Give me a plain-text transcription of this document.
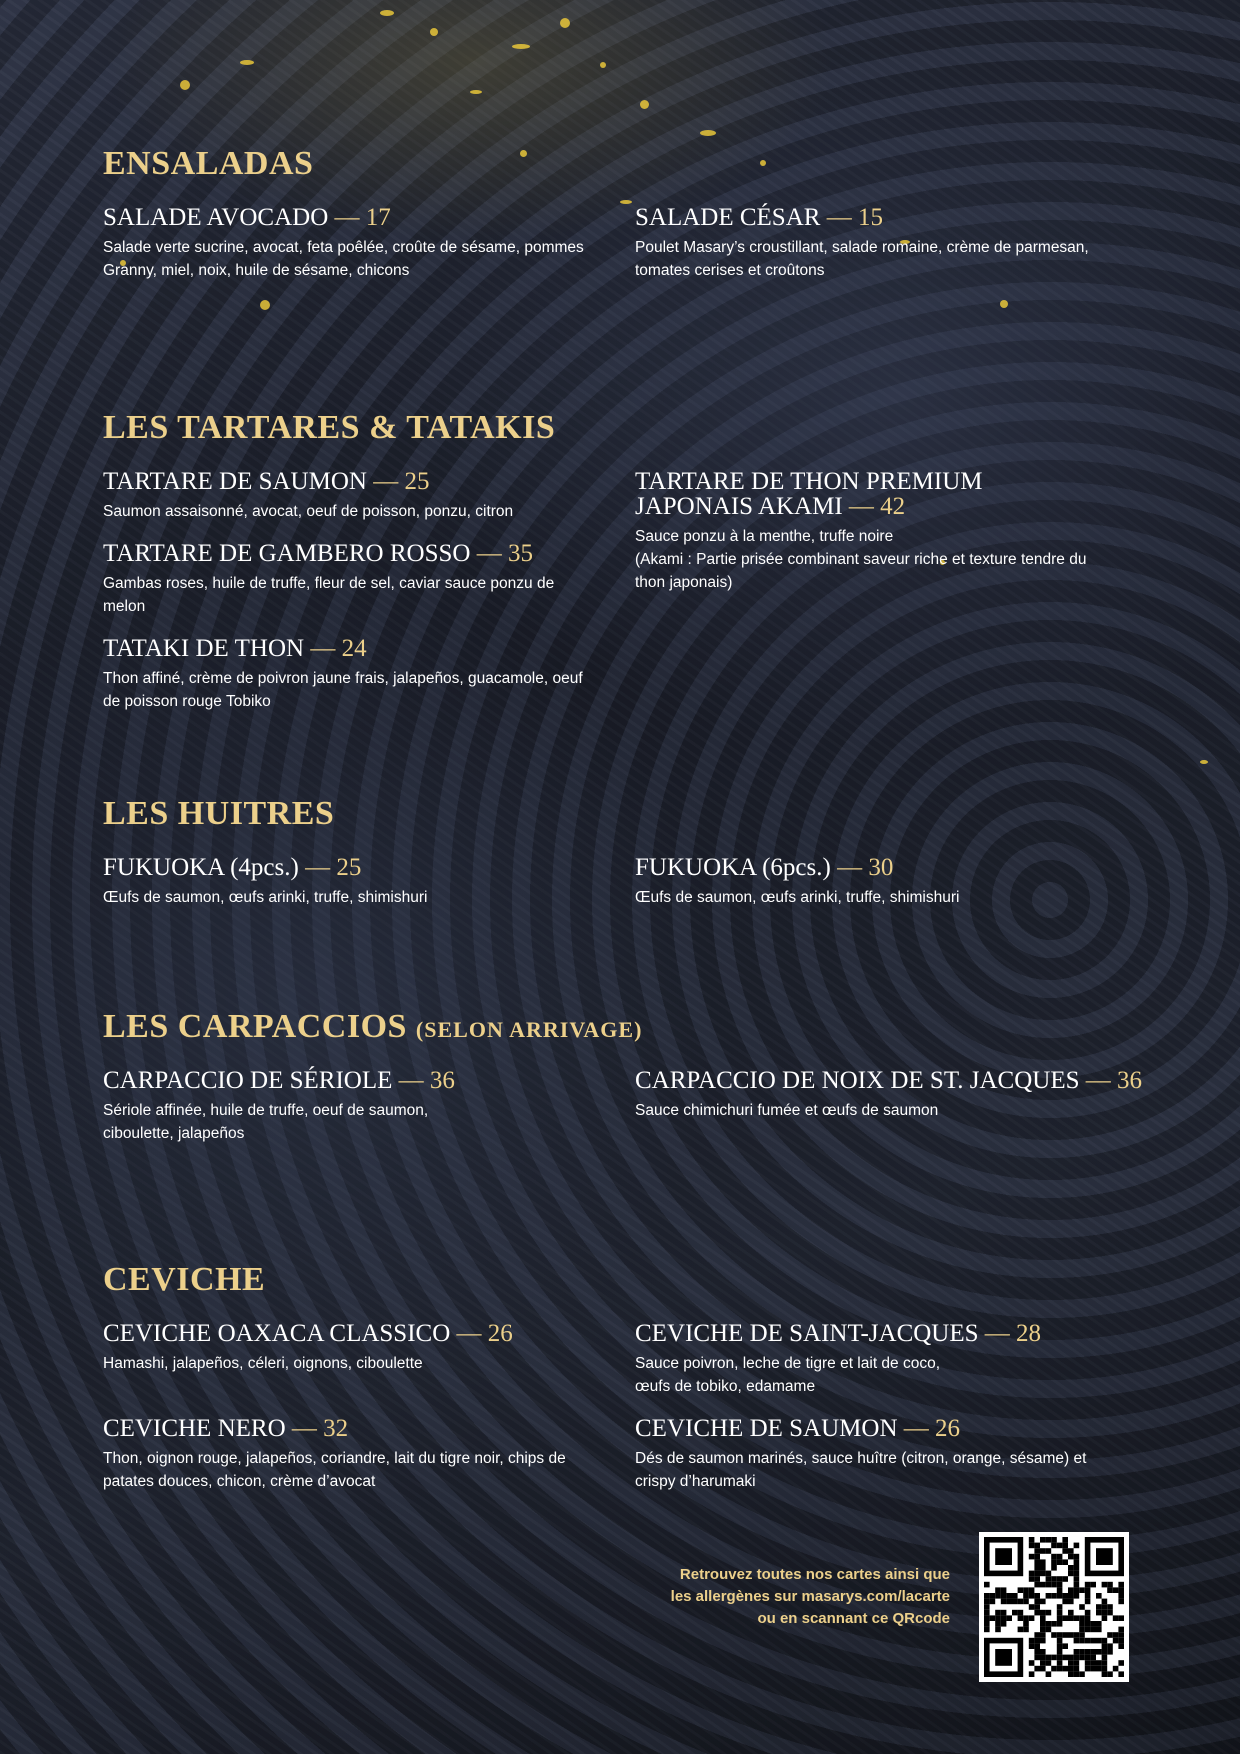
ENSALADAS
SALADE AVOCADO — 17
Salade verte sucrine, avocat, feta poêlée, croûte de sésame, pommes Granny, miel, noix, huile de sésame, chicons
SALADE CÉSAR — 15
Poulet Masary’s croustillant, salade romaine, crème de parmesan, tomates cerises et croûtons
LES TARTARES & TATAKIS
TARTARE DE SAUMON — 25
Saumon assaisonné, avocat, oeuf de poisson, ponzu, citron
TARTARE DE GAMBERO ROSSO — 35
Gambas roses, huile de truffe, fleur de sel, caviar sauce ponzu de melon
TATAKI DE THON — 24
Thon affiné, crème de poivron jaune frais, jalapeños, guacamole, oeuf de poisson rouge Tobiko
TARTARE DE THON PREMIUM JAPONAIS AKAMI — 42
Sauce ponzu à la menthe, truffe noire
(Akami : Partie prisée combinant saveur riche et texture tendre du thon japonais)
LES HUITRES
FUKUOKA (4pcs.) — 25
Œufs de saumon, œufs arinki, truffe, shimishuri
FUKUOKA (6pcs.) — 30
Œufs de saumon, œufs arinki, truffe, shimishuri
LES CARPACCIOS (SELON ARRIVAGE)
CARPACCIO DE SÉRIOLE — 36
Sériole affinée, huile de truffe, oeuf de saumon, ciboulette, jalapeños
CARPACCIO DE NOIX DE ST. JACQUES — 36
Sauce chimichuri fumée et œufs de saumon
CEVICHE
CEVICHE OAXACA CLASSICO — 26
Hamashi, jalapeños, céleri, oignons, ciboulette
CEVICHE DE SAINT-JACQUES — 28
Sauce poivron, leche de tigre et lait de coco, œufs de tobiko, edamame
CEVICHE NERO — 32
Thon, oignon rouge, jalapeños, coriandre, lait du tigre noir, chips de patates douces, chicon, crème d’avocat
CEVICHE DE SAUMON — 26
Dés de saumon marinés, sauce huître (citron, orange, sésame) et crispy d’harumaki
Retrouvez toutes nos cartes ainsi que
les allergènes sur masarys.com/lacarte
ou en scannant ce QRcode
